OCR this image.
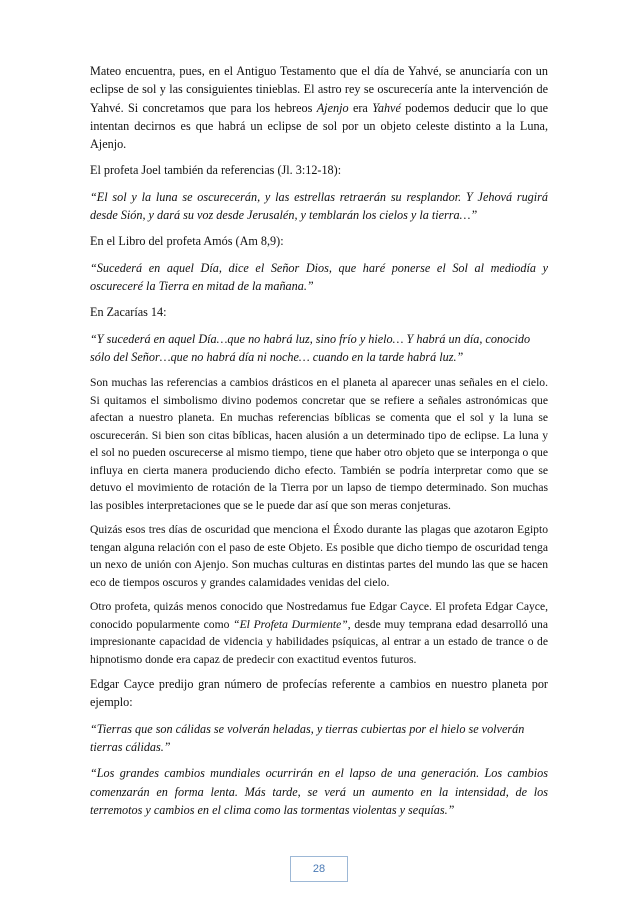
Mateo encuentra, pues, en el Antiguo Testamento que el día de Yahvé, se anunciaría con un eclipse de sol y las consiguientes tinieblas. El astro rey se oscurecería ante la intervención de Yahvé. Si concretamos que para los hebreos Ajenjo era Yahvé podemos deducir que lo que intentan decirnos es que habrá un eclipse de sol por un objeto celeste distinto a la Luna, Ajenjo.

El profeta Joel también da referencias (Jl. 3:12-18):

“El sol y la luna se oscurecerán, y las estrellas retraerán su resplandor. Y Jehová rugirá desde Sión, y dará su voz desde Jerusalén, y temblarán los cielos y la tierra…”

En el Libro del profeta Amós (Am 8,9):

“Sucederá en aquel Día, dice el Señor Dios, que haré ponerse el Sol al mediodía y oscureceré la Tierra en mitad de la mañana.”

En Zacarías 14:

“Y sucederá en aquel Día…que no habrá luz, sino frío y hielo… Y habrá un día, conocido sólo del Señor…que no habrá día ni noche… cuando en la tarde habrá luz.”

Son muchas las referencias a cambios drásticos en el planeta al aparecer unas señales en el cielo. Si quitamos el simbolismo divino podemos concretar que se refiere a señales astronómicas que afectan a nuestro planeta. En muchas referencias bíblicas se comenta que el sol y la luna se oscurecerán. Si bien son citas bíblicas, hacen alusión a un determinado tipo de eclipse. La luna y el sol no pueden oscurecerse al mismo tiempo, tiene que haber otro objeto que se interponga o que influya en cierta manera produciendo dicho efecto. También se podría interpretar como que se detuvo el movimiento de rotación de la Tierra por un lapso de tiempo determinado. Son muchas las posibles interpretaciones que se le puede dar así que son meras conjeturas.

Quizás esos tres días de oscuridad que menciona el Éxodo durante las plagas que azotaron Egipto tengan alguna relación con el paso de este Objeto. Es posible que dicho tiempo de oscuridad tenga un nexo de unión con Ajenjo. Son muchas culturas en distintas partes del mundo las que se hacen eco de tiempos oscuros y grandes calamidades venidas del cielo.

Otro profeta, quizás menos conocido que Nostredamus fue Edgar Cayce. El profeta Edgar Cayce, conocido popularmente como “El Profeta Durmiente”, desde muy temprana edad desarrolló una impresionante capacidad de videncia y habilidades psíquicas, al entrar a un estado de trance o de hipnotismo donde era capaz de predecir con exactitud eventos futuros.

Edgar Cayce predijo gran número de profecías referente a cambios en nuestro planeta por ejemplo:

“Tierras que son cálidas se volverán heladas, y tierras cubiertas por el hielo se volverán tierras cálidas.”

“Los grandes cambios mundiales ocurrirán en el lapso de una generación. Los cambios comenzarán en forma lenta. Más tarde, se verá un aumento en la intensidad, de los terremotos y cambios en el clima como las tormentas violentas y sequías.”

28
